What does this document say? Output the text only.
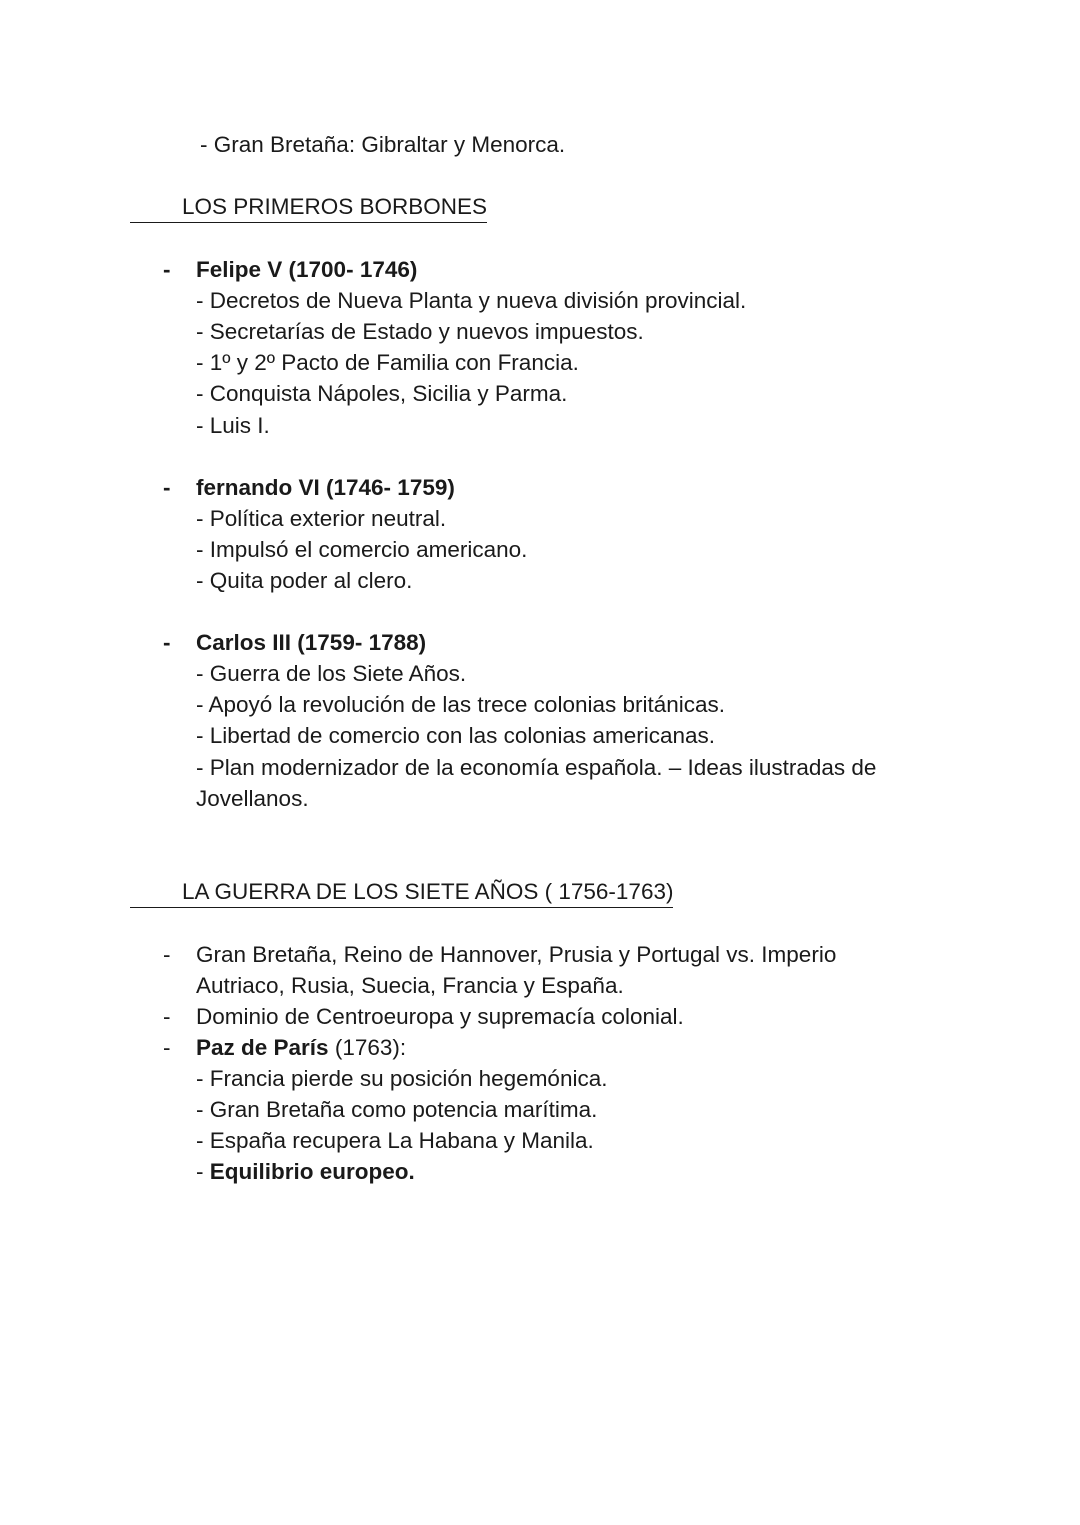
- Gran Bretaña: Gibraltar y Menorca.
LOS PRIMEROS BORBONES
- Felipe V (1700- 1746)
- Decretos de Nueva Planta y nueva división provincial.
- Secretarías de Estado y nuevos impuestos.
- 1º y 2º Pacto de Familia con Francia.
- Conquista Nápoles, Sicilia y Parma.
- Luis I.
- fernando VI (1746- 1759)
- Política exterior neutral.
- Impulsó el comercio americano.
- Quita poder al clero.
- Carlos III (1759- 1788)
- Guerra de los Siete Años.
- Apoyó la revolución de las trece colonias británicas.
- Libertad de comercio con las colonias americanas.
- Plan modernizador de la economía española. – Ideas ilustradas de Jovellanos.
LA GUERRA DE LOS SIETE AÑOS ( 1756-1763)
- Gran Bretaña, Reino de Hannover, Prusia y Portugal vs. Imperio Autriaco, Rusia, Suecia, Francia y España.
- Dominio de Centroeuropa y supremacía colonial.
- Paz de París (1763):
- Francia pierde su posición hegemónica.
- Gran Bretaña como potencia marítima.
- España recupera La Habana y Manila.
- Equilibrio europeo.
